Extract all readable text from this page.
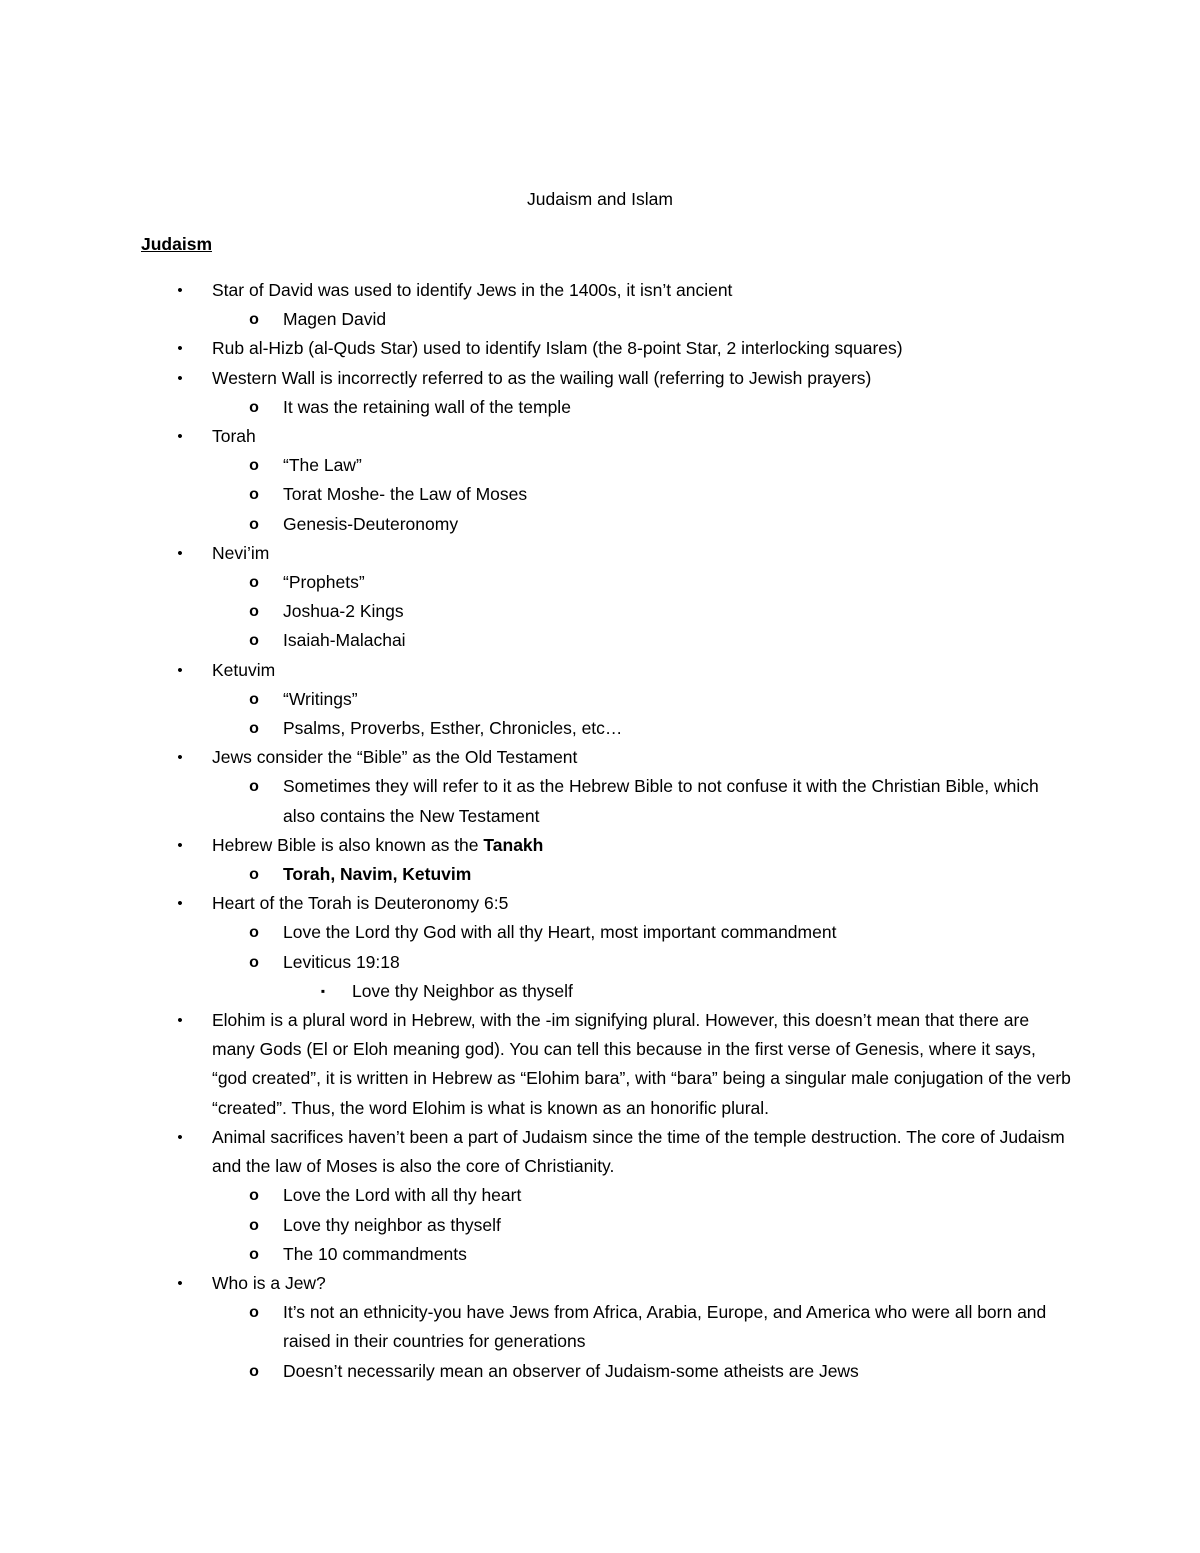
Judaism and Islam
Judaism
•	Star of David was used to identify Jews in the 1400s, it isn’t ancient
o Magen David
•	Rub al-Hizb (al-Quds Star) used to identify Islam (the 8-point Star, 2 interlocking squares)
•	Western Wall is incorrectly referred to as the wailing wall (referring to Jewish prayers)
o It was the retaining wall of the temple
•	Torah
o “The Law”
o Torat Moshe- the Law of Moses
o Genesis-Deuteronomy
•	Nevi’im
o “Prophets”
o Joshua-2 Kings
o Isaiah-Malachai
•	Ketuvim
o “Writings”
o Psalms, Proverbs, Esther, Chronicles, etc…
•	Jews consider the “Bible” as the Old Testament
o Sometimes they will refer to it as the Hebrew Bible to not confuse it with the Christian Bible, which also contains the New Testament
•	Hebrew Bible is also known as the Tanakh
o Torah, Navim, Ketuvim
•	Heart of the Torah is Deuteronomy 6:5
o Love the Lord thy God with all thy Heart, most important commandment
o Leviticus 19:18
▪	Love thy Neighbor as thyself
•	Elohim is a plural word in Hebrew, with the -im signifying plural. However, this doesn’t mean that there are many Gods (El or Eloh meaning god). You can tell this because in the first verse of Genesis, where it says, “god created”, it is written in Hebrew as “Elohim bara”, with “bara” being a singular male conjugation of the verb “created”. Thus, the word Elohim is what is known as an honorific plural.
•	Animal sacrifices haven’t been a part of Judaism since the time of the temple destruction. The core of Judaism and the law of Moses is also the core of Christianity.
o Love the Lord with all thy heart
o Love thy neighbor as thyself
o The 10 commandments
•	Who is a Jew?
o It’s not an ethnicity-you have Jews from Africa, Arabia, Europe, and America who were all born and raised in their countries for generations
o Doesn’t necessarily mean an observer of Judaism-some atheists are Jews
